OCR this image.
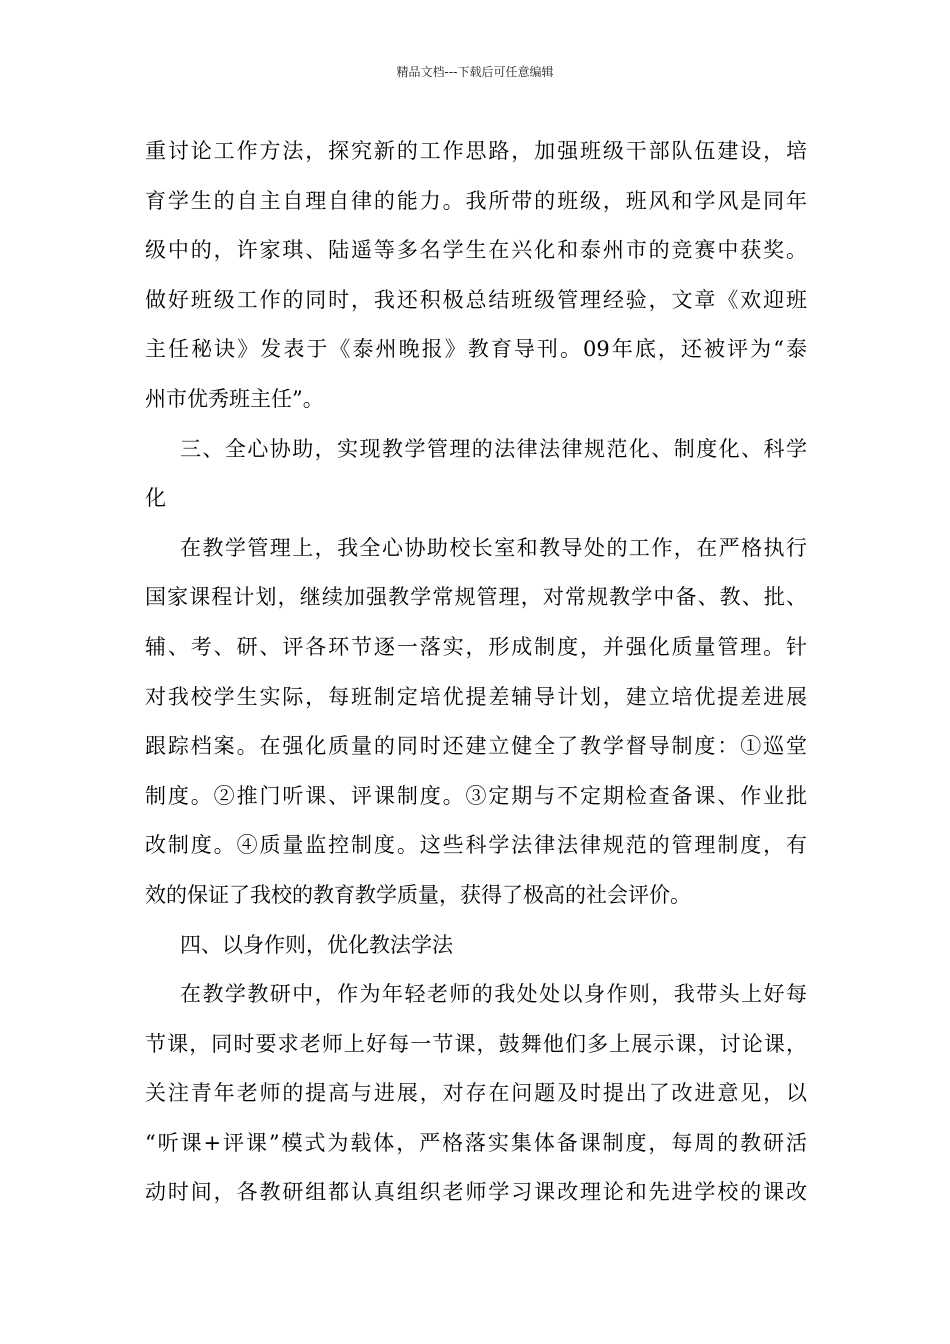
精品文档---下载后可任意编辑
重讨论工作方法，探究新的工作思路，加强班级干部队伍建设，培
育学生的自主自理自律的能力。我所带的班级，班风和学风是同年
级中的，许家琪、陆遥等多名学生在兴化和泰州市的竞赛中获奖。
做好班级工作的同时，我还积极总结班级管理经验，文章《欢迎班
主任秘诀》发表于《泰州晚报》教育导刊。09年底，还被评为“泰
州市优秀班主任”。
三、全心协助，实现教学管理的法律法律规范化、制度化、科学
化
在教学管理上，我全心协助校长室和教导处的工作，在严格执行
国家课程计划，继续加强教学常规管理，对常规教学中备、教、批、
辅、考、研、评各环节逐一落实，形成制度，并强化质量管理。针
对我校学生实际，每班制定培优提差辅导计划，建立培优提差进展
跟踪档案。在强化质量的同时还建立健全了教学督导制度：①巡堂
制度。②推门听课、评课制度。③定期与不定期检查备课、作业批
改制度。④质量监控制度。这些科学法律法律规范的管理制度，有
效的保证了我校的教育教学质量，获得了极高的社会评价。
四、以身作则，优化教法学法
在教学教研中，作为年轻老师的我处处以身作则，我带头上好每
节课，同时要求老师上好每一节课，鼓舞他们多上展示课，讨论课，
关注青年老师的提高与进展，对存在问题及时提出了改进意见，以
“听课+评课”模式为载体，严格落实集体备课制度，每周的教研活
动时间，各教研组都认真组织老师学习课改理论和先进学校的课改
